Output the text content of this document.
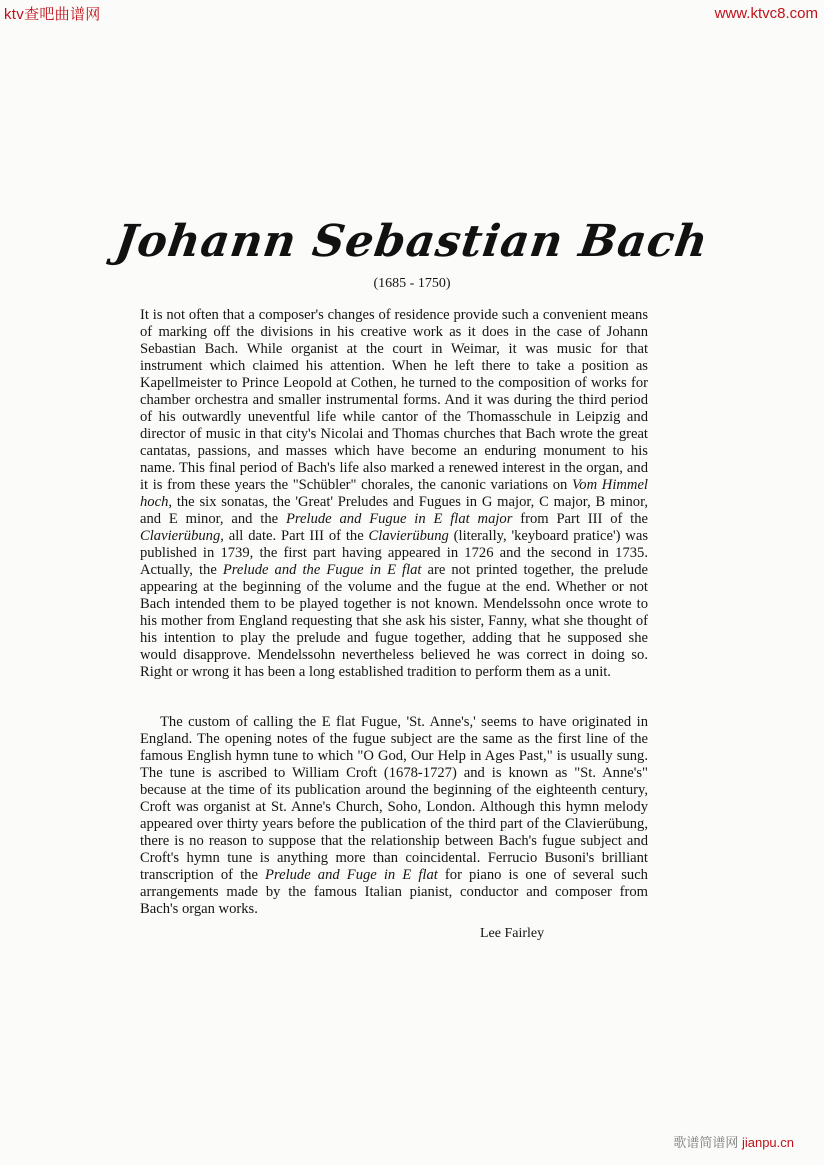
ktv查吧曲谱网	www.ktvc8.com
歌谱简谱网 jianpu.cn
Johann Sebastian Bach
(1685 - 1750)

It is not often that a composer's changes of residence provide such a convenient means of marking off the divisions in his creative work as it does in the case of Johann Sebastian Bach. While organist at the court in Weimar, it was music for that instrument which claimed his attention. When he left there to take a position as Kapellmeister to Prince Leopold at Cothen, he turned to the composition of works for chamber orchestra and smaller instrumental forms. And it was during the third period of his outwardly uneventful life while cantor of the Thomasschule in Leipzig and director of music in that city's Nicolai and Thomas churches that Bach wrote the great cantatas, passions, and masses which have become an enduring monument to his name. This final period of Bach's life also marked a renewed interest in the organ, and it is from these years the "Schübler" chorales, the canonic variations on Vom Himmel hoch, the six sonatas, the 'Great' Preludes and Fugues in G major, C major, B minor, and E minor, and the Prelude and Fugue in E flat major from Part III of the Clavierübung, all date. Part III of the Clavierübung (literally, 'keyboard pratice') was published in 1739, the first part having appeared in 1726 and the second in 1735. Actually, the Prelude and the Fugue in E flat are not printed together, the prelude appearing at the beginning of the volume and the fugue at the end. Whether or not Bach intended them to be played together is not known. Mendelssohn once wrote to his mother from England requesting that she ask his sister, Fanny, what she thought of his intention to play the prelude and fugue together, adding that he supposed she would disapprove. Mendelssohn nevertheless believed he was correct in doing so. Right or wrong it has been a long established tradition to perform them as a unit.

The custom of calling the E flat Fugue, 'St. Anne's,' seems to have originated in England. The opening notes of the fugue subject are the same as the first line of the famous English hymn tune to which "O God, Our Help in Ages Past," is usually sung. The tune is ascribed to William Croft (1678-1727) and is known as "St. Anne's" because at the time of its publication around the beginning of the eighteenth century, Croft was organist at St. Anne's Church, Soho, London. Although this hymn melody appeared over thirty years before the publication of the third part of the Clavierübung, there is no reason to suppose that the relationship between Bach's fugue subject and Croft's hymn tune is anything more than coincidental. Ferrucio Busoni's brilliant transcription of the Prelude and Fuge in E flat for piano is one of several such arrangements made by the famous Italian pianist, conductor and composer from Bach's organ works.

Lee Fairley
